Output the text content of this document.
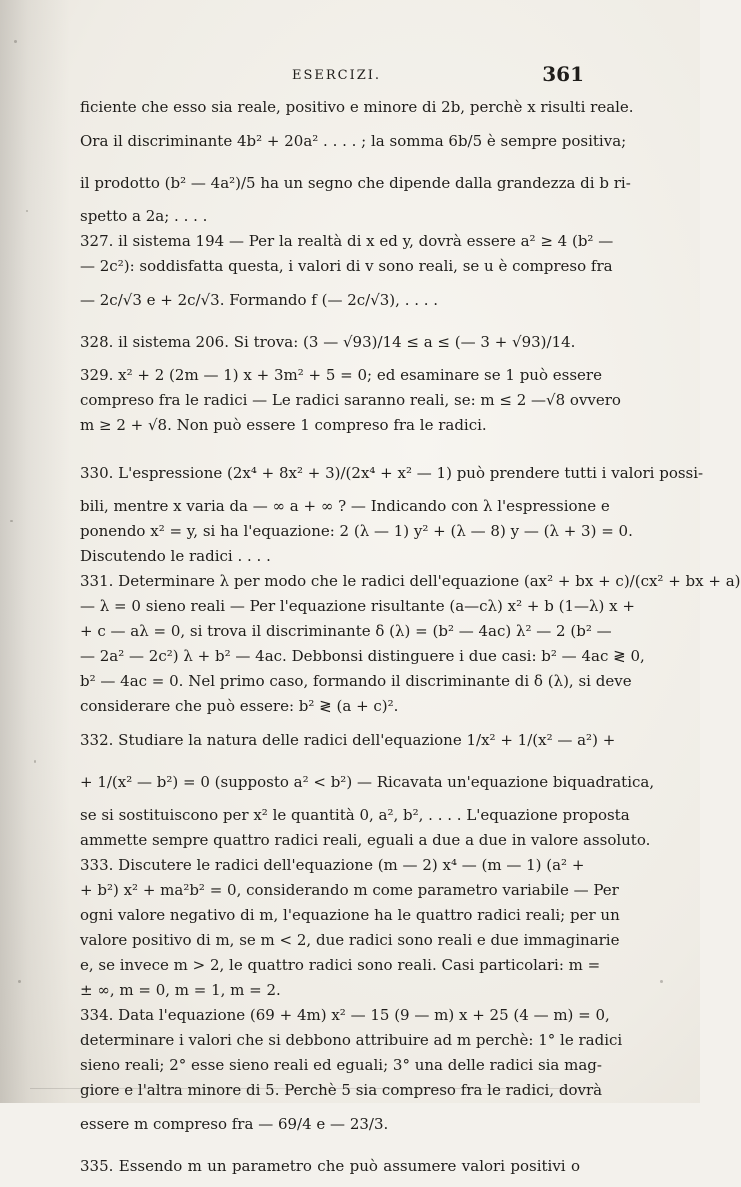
ESERCIZI.	361
ficiente che esso sia reale, positivo e minore di 2b, perchè x risulti reale.
Ora il discriminante 4b² + 20a² . . . . ; la somma 6b/5 è sempre positiva;
il prodotto (b² — 4a²)/5 ha un segno che dipende dalla grandezza di b ri-
spetto a 2a; . . . .
327. il sistema 194 — Per la realtà di x ed y, dovrà essere a² ≥ 4 (b² —
— 2c²): soddisfatta questa, i valori di v sono reali, se u è compreso fra
— 2c/√3 e + 2c/√3. Formando f (— 2c/√3), . . . .
328. il sistema 206. Si trova: (3 — √93)/14 ≤ a ≤ (— 3 + √93)/14.
329. x² + 2 (2m — 1) x + 3m² + 5 = 0; ed esaminare se 1 può essere
compreso fra le radici — Le radici saranno reali, se: m ≤ 2 —√8 ovvero
m ≥ 2 + √8. Non può essere 1 compreso fra le radici.
330. L'espressione (2x⁴ + 8x² + 3)/(2x⁴ + x² — 1) può prendere tutti i valori possi-
bili, mentre x varia da — ∞ a + ∞ ? — Indicando con λ l'espressione e
ponendo x² = y, si ha l'equazione: 2 (λ — 1) y² + (λ — 8) y — (λ + 3) = 0.
Discutendo le radici . . . .
331. Determinare λ per modo che le radici dell'equazione (ax² + bx + c)/(cx² + bx + a)
— λ = 0 sieno reali — Per l'equazione risultante (a—cλ) x² + b (1—λ) x +
+ c — aλ = 0, si trova il discriminante δ (λ) = (b² — 4ac) λ² — 2 (b² —
— 2a² — 2c²) λ + b² — 4ac. Debbonsi distinguere i due casi: b² — 4ac ≷ 0,
b² — 4ac = 0. Nel primo caso, formando il discriminante di δ (λ), si deve
considerare che può essere: b² ≷ (a + c)².
332. Studiare la natura delle radici dell'equazione 1/x² + 1/(x² — a²) +
+ 1/(x² — b²) = 0 (supposto a² < b²) — Ricavata un'equazione biquadratica,
se si sostituiscono per x² le quantità 0, a², b², . . . . L'equazione proposta
ammette sempre quattro radici reali, eguali a due a due in valore assoluto.
333. Discutere le radici dell'equazione (m — 2) x⁴ — (m — 1) (a² +
+ b²) x² + ma²b² = 0, considerando m come parametro variabile — Per
ogni valore negativo di m, l'equazione ha le quattro radici reali; per un
valore positivo di m, se m < 2, due radici sono reali e due immaginarie
e, se invece m > 2, le quattro radici sono reali. Casi particolari: m =
± ∞, m = 0, m = 1, m = 2.
334. Data l'equazione (69 + 4m) x² — 15 (9 — m) x + 25 (4 — m) = 0,
determinare i valori che si debbono attribuire ad m perchè: 1° le radici
sieno reali; 2° esse sieno reali ed eguali; 3° una delle radici sia mag-
giore e l'altra minore di 5. Perchè 5 sia compreso fra le radici, dovrà
essere m compreso fra — 69/4 e — 23/3.
335. Essendo m un parametro che può assumere valori positivi o
